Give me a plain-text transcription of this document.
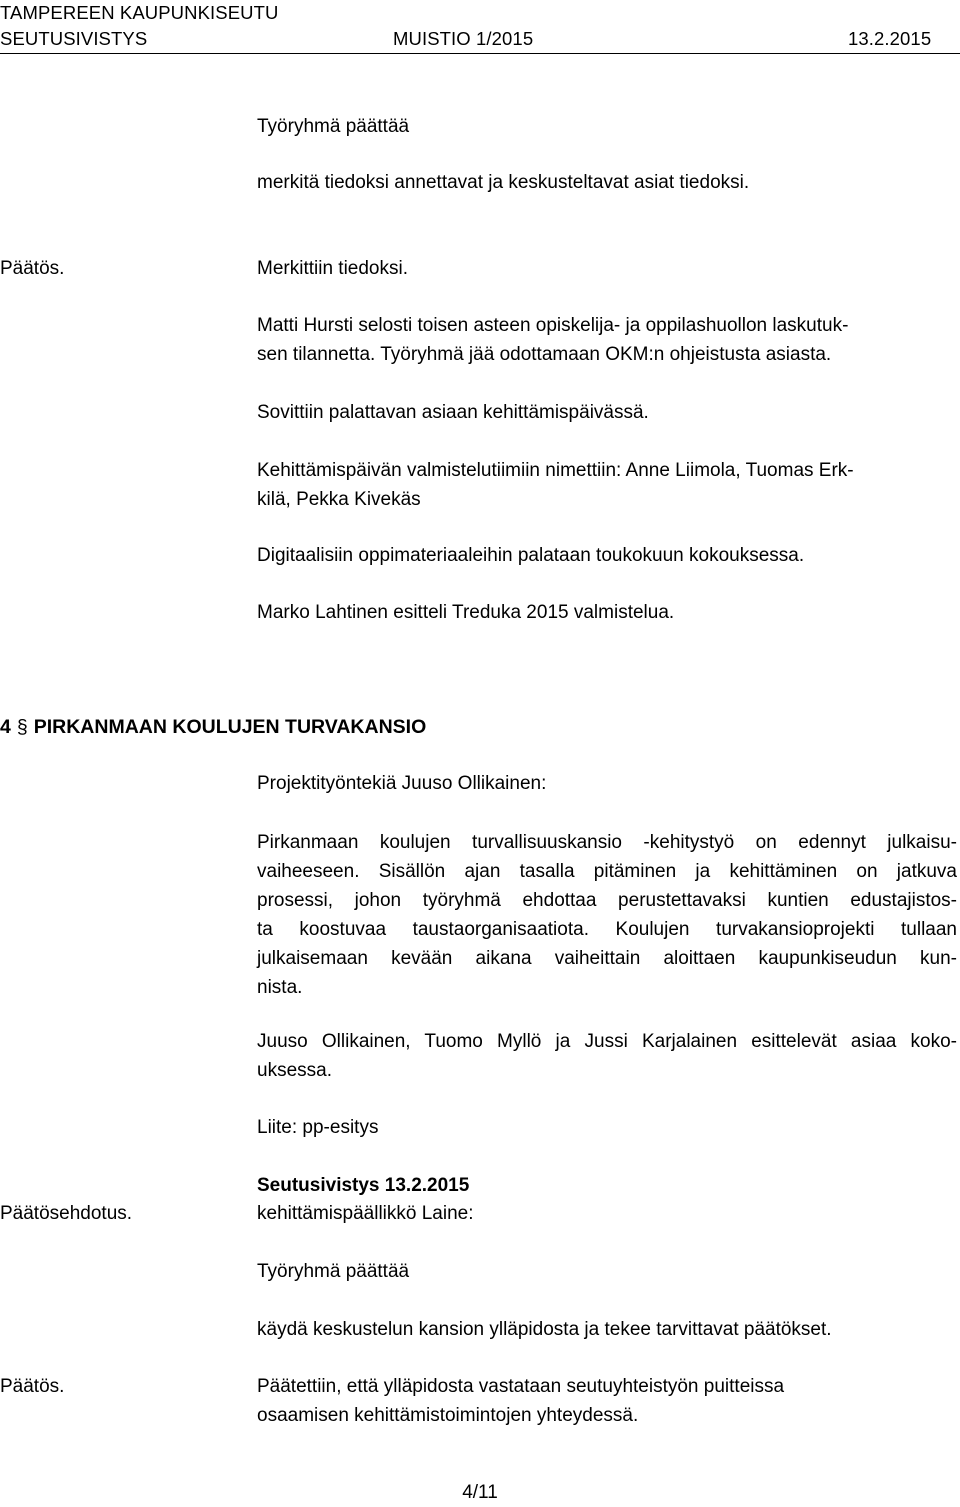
TAMPEREEN KAUPUNKISEUTU
SEUTUSIVISTYS	MUISTIO 1/2015	13.2.2015
Työryhmä päättää
merkitä tiedoksi annettavat ja keskusteltavat asiat tiedoksi.
Päätös.	Merkittiin tiedoksi.
Matti Hursti selosti toisen asteen opiskelija- ja oppilashuollon laskutuk-
sen tilannetta. Työryhmä jää odottamaan OKM:n ohjeistusta asiasta.
Sovittiin palattavan asiaan kehittämispäivässä.
Kehittämispäivän valmistelutiimiin nimettiin: Anne Liimola, Tuomas Erk-
kilä, Pekka Kivekäs
Digitaalisiin oppimateriaaleihin palataan toukokuun kokouksessa.
Marko Lahtinen esitteli Treduka 2015 valmistelua.
4 § PIRKANMAAN KOULUJEN TURVAKANSIO
Projektityöntekiä Juuso Ollikainen:
Pirkanmaan koulujen turvallisuuskansio -kehitystyö on edennyt julkaisu-
vaiheeseen. Sisällön ajan tasalla pitäminen ja kehittäminen on jatkuva
prosessi, johon työryhmä ehdottaa perustettavaksi kuntien edustajistos-
ta koostuvaa taustaorganisaatiota. Koulujen turvakansioprojekti tullaan
julkaisemaan kevään aikana vaiheittain aloittaen kaupunkiseudun kun-
nista.
Juuso Ollikainen, Tuomo Myllö ja Jussi Karjalainen esittelevät asiaa koko-
uksessa.
Liite: pp-esitys
Seutusivistys 13.2.2015
Päätösehdotus.	kehittämispäällikkö Laine:
Työryhmä päättää
käydä keskustelun kansion ylläpidosta ja tekee tarvittavat päätökset.
Päätös.	Päätettiin, että ylläpidosta vastataan seutuyhteistyön puitteissa
osaamisen kehittämistoimintojen yhteydessä.
4/11
